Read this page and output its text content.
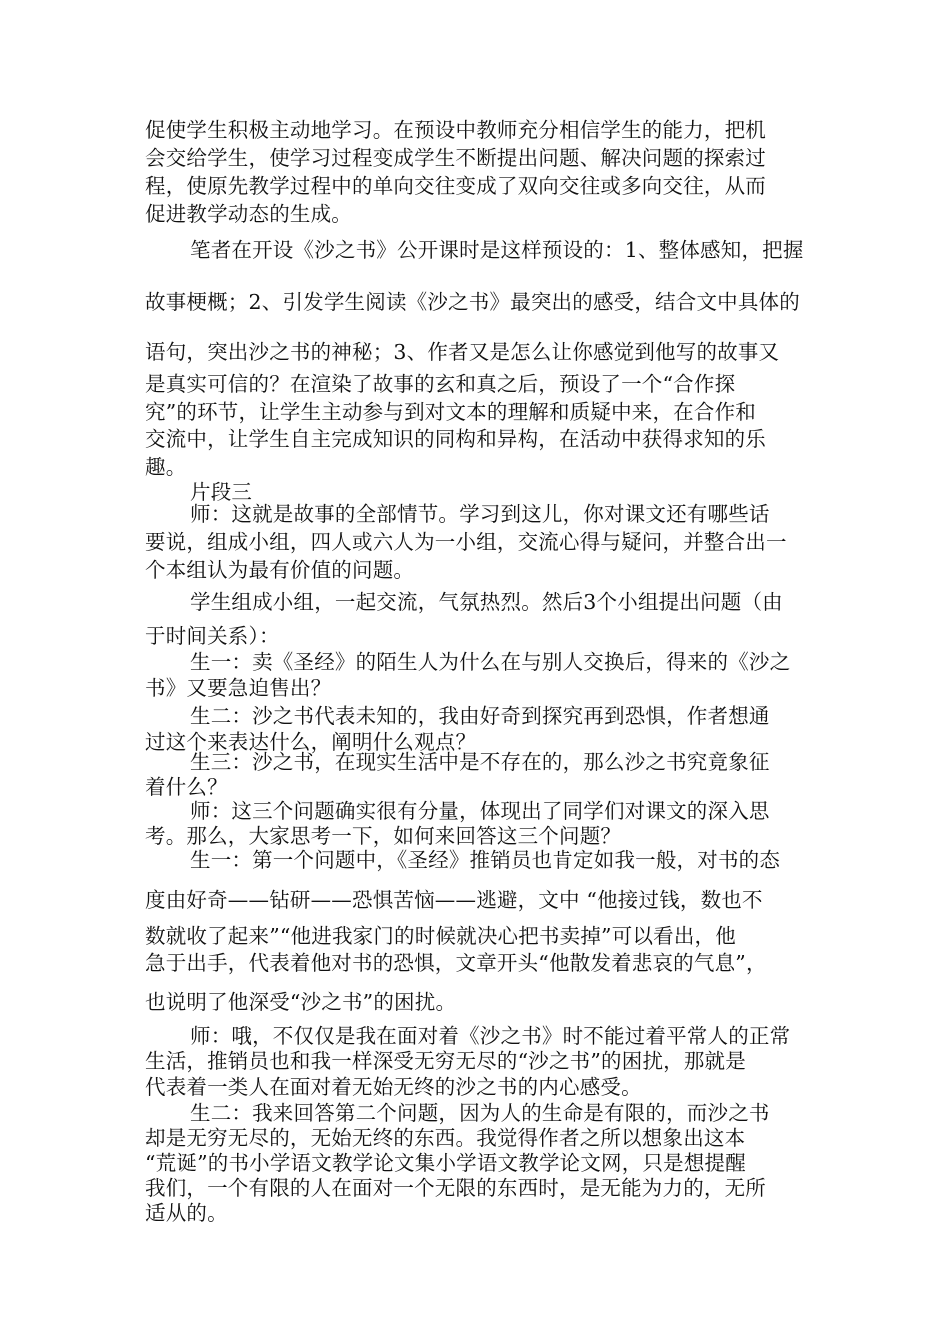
促使学生积极主动地学习。在预设中教师充分相信学生的能力，把机
会交给学生，使学习过程变成学生不断提出问题、解决问题的探索过
程，使原先教学过程中的单向交往变成了双向交往或多向交往，从而
促进教学动态的生成。
笔者在开设《沙之书》公开课时是这样预设的：1、整体感知，把握
故事梗概；2、引发学生阅读《沙之书》最突出的感受，结合文中具体的
语句，突出沙之书的神秘；3、作者又是怎么让你感觉到他写的故事又
是真实可信的？在渲染了故事的玄和真之后，预设了一个“合作探
究”的环节，让学生主动参与到对文本的理解和质疑中来，在合作和
交流中，让学生自主完成知识的同构和异构，在活动中获得求知的乐
趣。
片段三
师：这就是故事的全部情节。学习到这儿，你对课文还有哪些话
要说，组成小组，四人或六人为一小组，交流心得与疑问，并整合出一
个本组认为最有价值的问题。
学生组成小组，一起交流，气氛热烈。然后3个小组提出问题（由
于时间关系）：
生一：卖《圣经》的陌生人为什么在与别人交换后，得来的《沙之
书》又要急迫售出？
生二：沙之书代表未知的，我由好奇到探究再到恐惧，作者想通
过这个来表达什么，阐明什么观点？
生三：沙之书，在现实生活中是不存在的，那么沙之书究竟象征
着什么？
师：这三个问题确实很有分量，体现出了同学们对课文的深入思
考。那么，大家思考一下，如何来回答这三个问题？
生一：第一个问题中，《圣经》推销员也肯定如我一般，对书的态
度由好奇——钻研——恐惧苦恼——逃避，文中 “他接过钱，数也不
数就收了起来”“他进我家门的时候就决心把书卖掉”可以看出，他
急于出手，代表着他对书的恐惧，文章开头“他散发着悲哀的气息”，
也说明了他深受“沙之书”的困扰。
师：哦，不仅仅是我在面对着《沙之书》时不能过着平常人的正常
生活，推销员也和我一样深受无穷无尽的“沙之书”的困扰，那就是
代表着一类人在面对着无始无终的沙之书的内心感受。
生二：我来回答第二个问题，因为人的生命是有限的，而沙之书
却是无穷无尽的，无始无终的东西。我觉得作者之所以想象出这本
“荒诞”的书小学语文教学论文集小学语文教学论文网，只是想提醒
我们，一个有限的人在面对一个无限的东西时，是无能为力的，无所
适从的。
